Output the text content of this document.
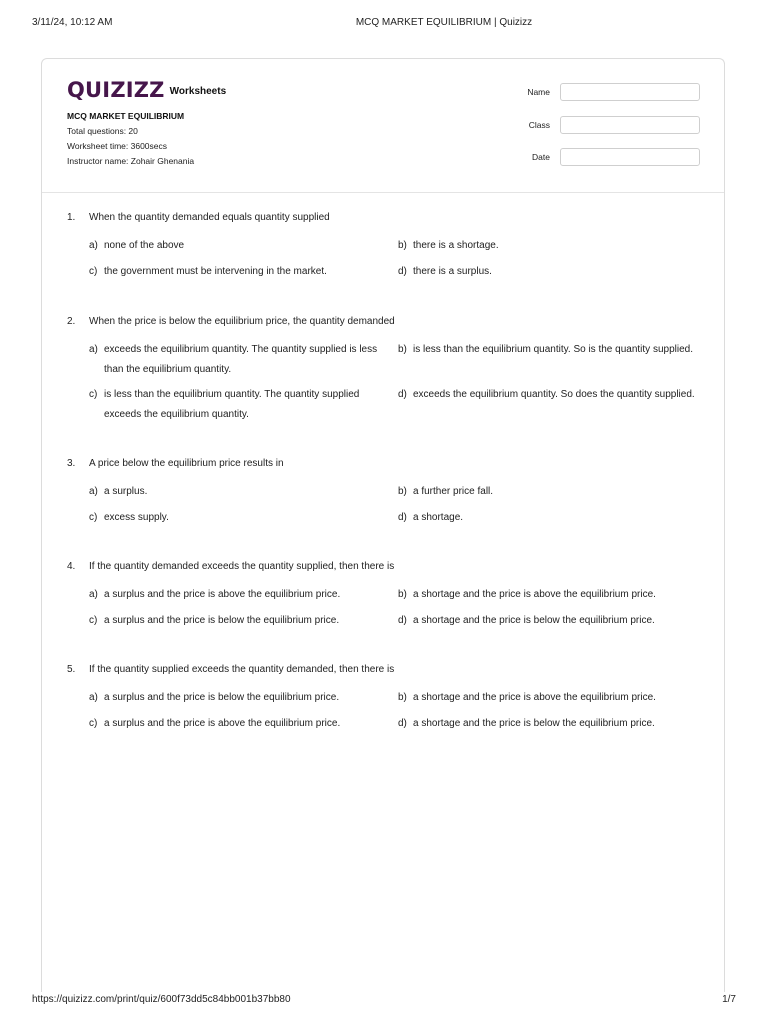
3/11/24, 10:12 AM	MCQ MARKET EQUILIBRIUM | Quizizz
QUIZIZZ Worksheets
MCQ MARKET EQUILIBRIUM
Total questions: 20
Worksheet time: 3600secs
Instructor name: Zohair Ghenania
Name
Class
Date
1.	When the quantity demanded equals quantity supplied
a) none of the above	b) there is a shortage.
c) the government must be intervening in the market.	d) there is a surplus.
2.	When the price is below the equilibrium price, the quantity demanded
a) exceeds the equilibrium quantity. The quantity supplied is less than the equilibrium quantity.
b) is less than the equilibrium quantity. So is the quantity supplied.
c) is less than the equilibrium quantity. The quantity supplied exceeds the equilibrium quantity.
d) exceeds the equilibrium quantity. So does the quantity supplied.
3.	A price below the equilibrium price results in
a) a surplus.	b) a further price fall.
c) excess supply.	d) a shortage.
4.	If the quantity demanded exceeds the quantity supplied, then there is
a) a surplus and the price is above the equilibrium price.	b) a shortage and the price is above the equilibrium price.
c) a surplus and the price is below the equilibrium price.	d) a shortage and the price is below the equilibrium price.
5.	If the quantity supplied exceeds the quantity demanded, then there is
a) a surplus and the price is below the equilibrium price.	b) a shortage and the price is above the equilibrium price.
c) a surplus and the price is above the equilibrium price.	d) a shortage and the price is below the equilibrium price.
https://quizizz.com/print/quiz/600f73dd5c84bb001b37bb80	1/7
